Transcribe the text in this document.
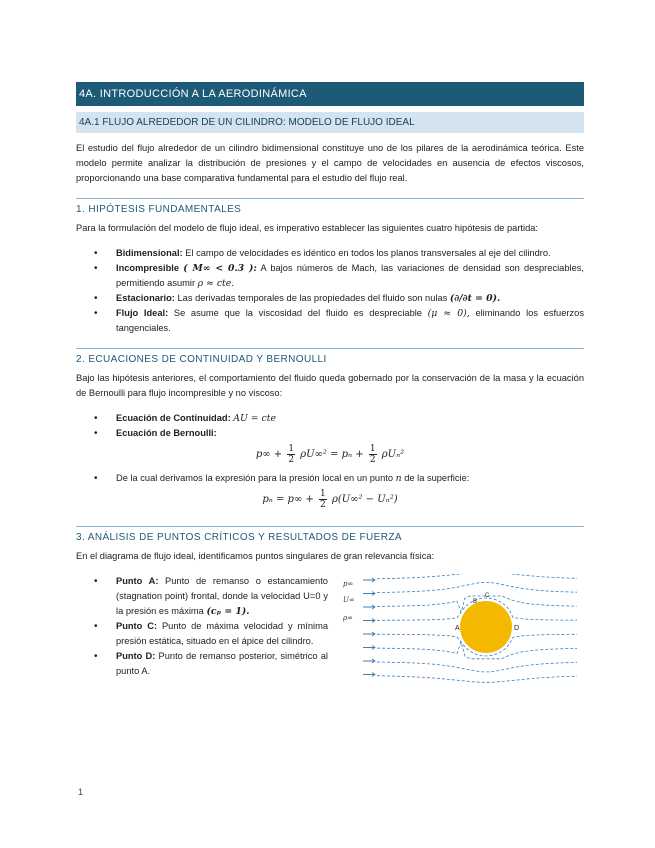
4A. INTRODUCCIÓN A LA AERODINÁMICA
4A.1 FLUJO ALREDEDOR DE UN CILINDRO: MODELO DE FLUJO IDEAL

El estudio del flujo alrededor de un cilindro bidimensional constituye uno de los pilares de la aerodinámica teórica. Este modelo permite analizar la distribución de presiones y el campo de velocidades en ausencia de efectos viscosos, proporcionando una base comparativa fundamental para el estudio del flujo real.

1. HIPÓTESIS FUNDAMENTALES

Para la formulación del modelo de flujo ideal, es imperativo establecer las siguientes cuatro hipótesis de partida:

• Bidimensional: El campo de velocidades es idéntico en todos los planos transversales al eje del cilindro.
• Incompresible ( M∞ < 0.3 ): A bajos números de Mach, las variaciones de densidad son despreciables, permitiendo asumir ρ ≈ cte.
• Estacionario: Las derivadas temporales de las propiedades del fluido son nulas (∂/∂t = 0).
• Flujo Ideal: Se asume que la viscosidad del fluido es despreciable (μ ≈ 0), eliminando los esfuerzos tangenciales.
2. ECUACIONES DE CONTINUIDAD Y BERNOULLI

Bajo las hipótesis anteriores, el comportamiento del fluido queda gobernado por la conservación de la masa y la ecuación de Bernoulli para flujo incompresible y no viscoso:

• Ecuación de Continuidad: AU = cte
• Ecuación de Bernoulli:
$p\infty + \frac{1}{2} \rho U\infty^2 = p_n + \frac{1}{2} \rho U_n^2$
• De la cual derivamos la expresión para la presión local en un punto n de la superficie:
$p_n = p\infty + \frac{1}{2} \rho(U\infty^2 - U_n^2)$
3. ANÁLISIS DE PUNTOS CRÍTICOS Y RESULTADOS DE FUERZA

En el diagrama de flujo ideal, identificamos puntos singulares de gran relevancia física:

• Punto A: Punto de remanso o estancamiento (stagnation point) frontal, donde la velocidad U=0 y la presión es máxima (cₚ = 1).
• Punto C: Punto de máxima velocidad y mínima presión estática, situado en el ápice del cilindro.
• Punto D: Punto de remanso posterior, simétrico al punto A.
p∞
U∞
ρ∞
A
C
B
D
1
